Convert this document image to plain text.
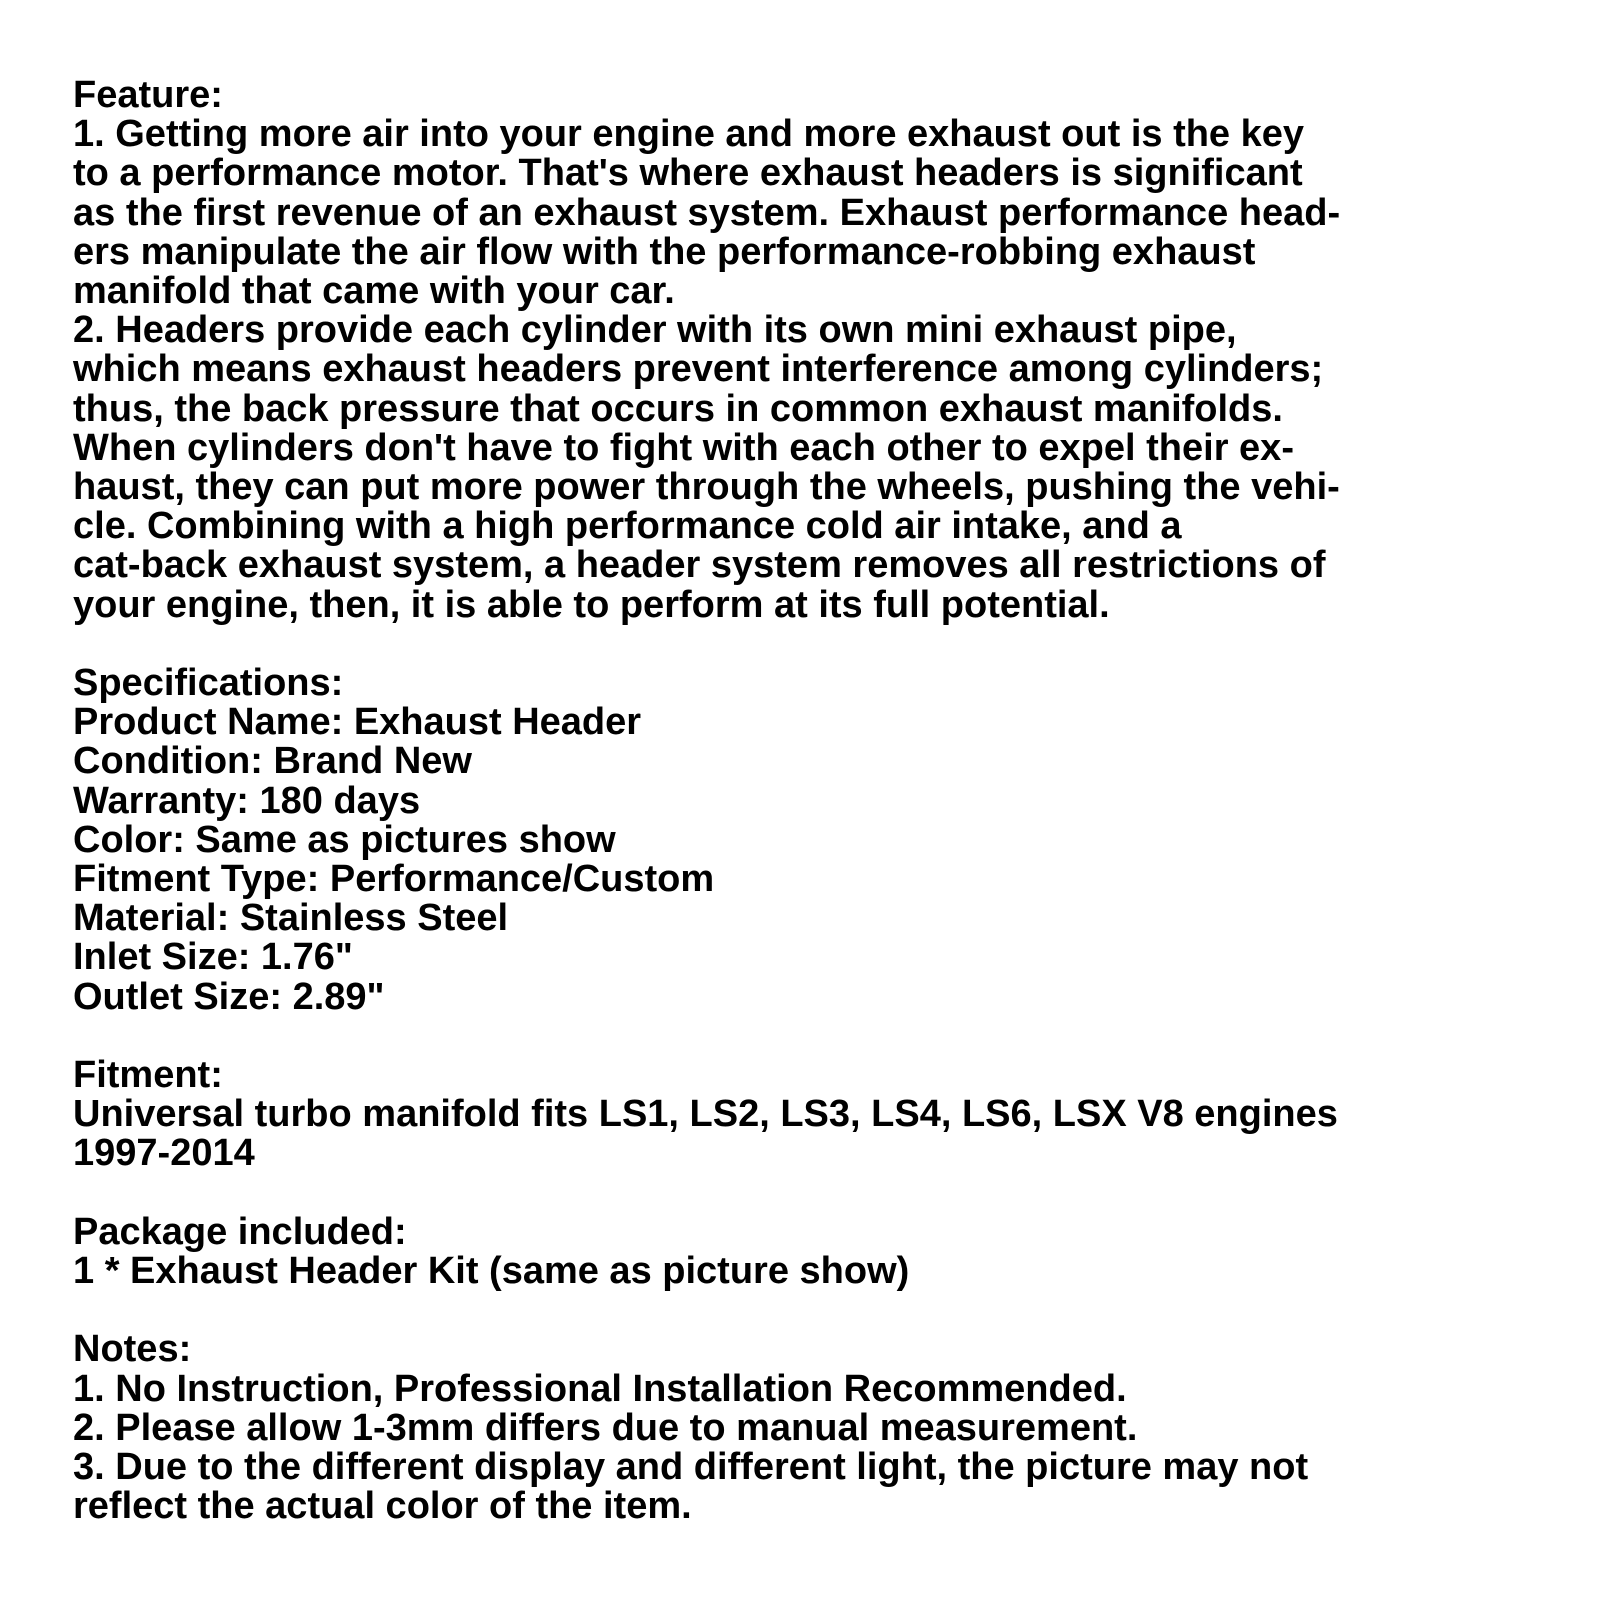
Feature:
1. Getting more air into your engine and more exhaust out is the key
to a performance motor. That's where exhaust headers is significant
as the first revenue of an exhaust system. Exhaust performance head-
ers manipulate the air flow with the performance-robbing exhaust
manifold that came with your car.
2. Headers provide each cylinder with its own mini exhaust pipe,
which means exhaust headers prevent interference among cylinders;
thus, the back pressure that occurs in common exhaust manifolds.
When cylinders don't have to fight with each other to expel their ex-
haust, they can put more power through the wheels, pushing the vehi-
cle. Combining with a high performance cold air intake, and a
cat-back exhaust system, a header system removes all restrictions of
your engine, then, it is able to perform at its full potential.
Specifications:
Product Name: Exhaust Header
Condition: Brand New
Warranty: 180 days
Color: Same as pictures show
Fitment Type: Performance/Custom
Material: Stainless Steel
Inlet Size: 1.76"
Outlet Size: 2.89"
Fitment:
Universal turbo manifold fits LS1, LS2, LS3, LS4, LS6, LSX V8 engines
1997-2014
Package included:
1 * Exhaust Header Kit (same as picture show)
Notes:
1. No Instruction, Professional Installation Recommended.
2. Please allow 1-3mm differs due to manual measurement.
3. Due to the different display and different light, the picture may not
reflect the actual color of the item.
